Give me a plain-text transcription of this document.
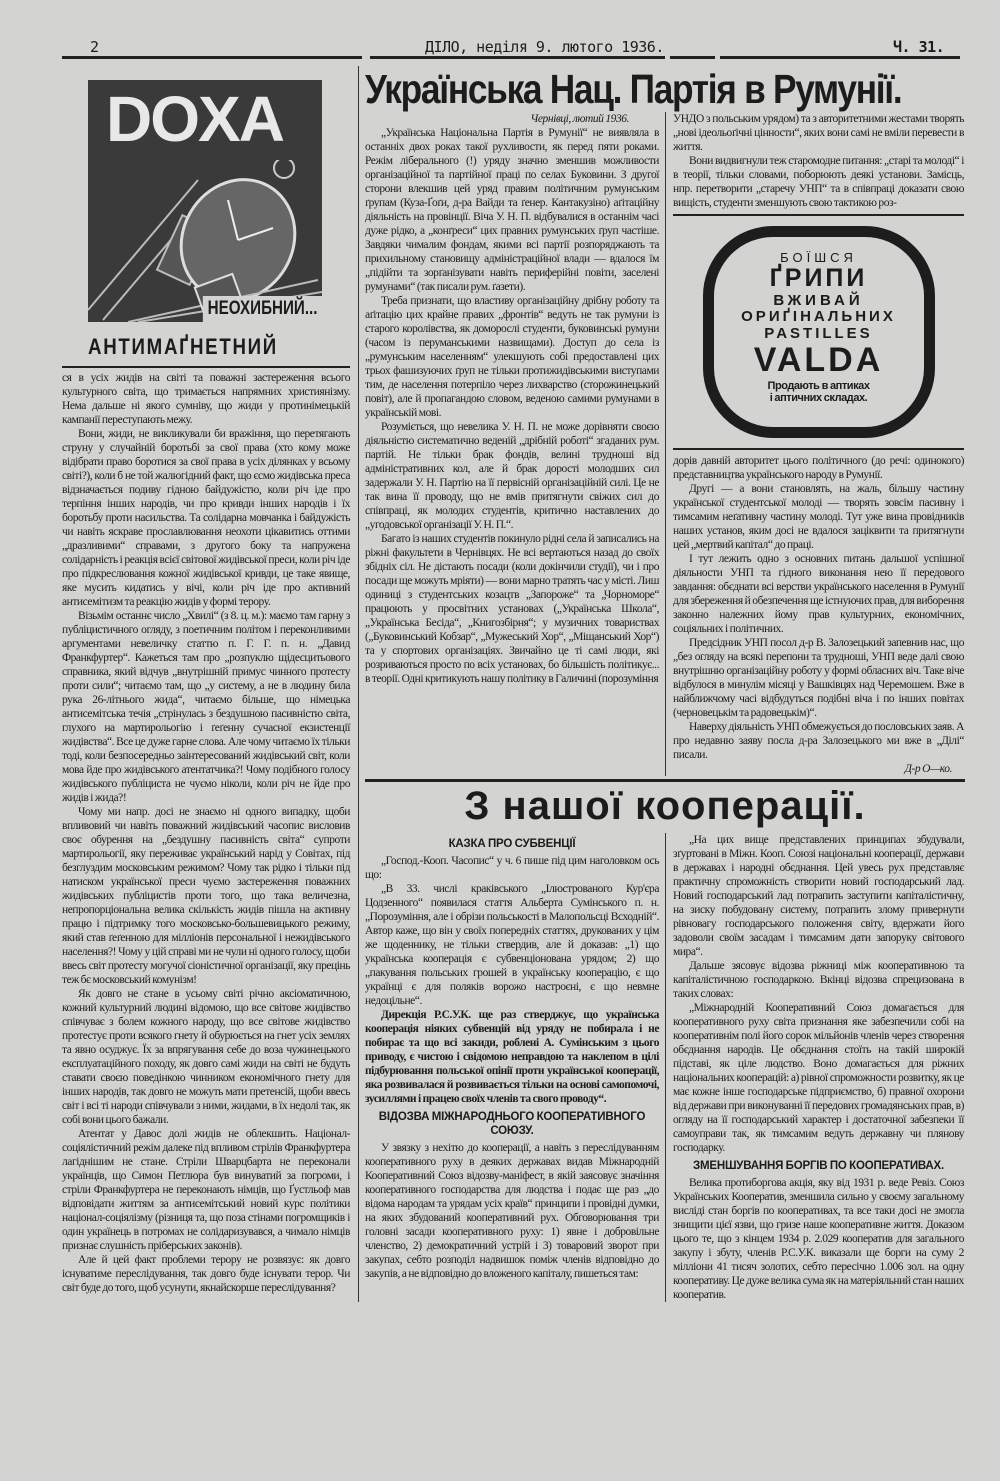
2	ДІЛО, неділя 9. лютого 1936.	Ч. 31.
DOXA
НЕОХИБНИЙ...
АНТИМАҐНЕТНИЙ

ся в усіх жидів на світі та поважні застереження всього культурного світа, що тримається напрямних християнізму. Нема дальше ні якого сумніву, що жиди у протинімецькій кампанії переступають межу.

Вони, жиди, не викликували би вражіння, що перетягають струну у случайній боротьбі за свої права (хто кому може відібрати право боротися за свої права в усіх ділянках у всьому світі?), коли б не той жалюгідний факт, що єсмо жидівська преса відзначається подиву гідною байдужістю, коли річ іде про терпіння інших народів, чи про кривди інших народів і їх боротьбу проти насильства. Та солідарна мовчанка і байдужість чи навіть яскраве прославлювання неохоти цікавитись оттими „дразливими“ справами, з другого боку та напружена солідарність і реакція всієї світової жидівської преси, коли річ іде про підкреслювання кожної жидівської кривди, це таке явище, яке мусить кидатись у вічі, коли річ іде про активний антисемітизм та реакцію жидів у формі терору.

Візьмім останнє число „Хвилі“ (з 8. ц. м.): маємо там гарну з публіцистичного огляду, з поетичним політом і переконливими аргументами невеличку статтю п. Г. Г. п. н. „Давид Франкфуртер“. Кажеться там про „розпуклю щідесцитьового справника, який відчув „внутрішній примус чинного протесту проти сили“; читаємо там, що „у систему, а не в людину била рука 26-літнього жида“, читаємо більше, що німецька антисемітська течія „стрінулась з бездушною пасивністю світа, глухого на мартирольогію і ґеґенну сучасної екзистенції жидівства“. Все це дуже гарне слова. Але чому читаємо їх тільки тоді, коли безпосередньо заінтересований жидівський світ, коли мова йде про жидівського атентатчика?! Чому подібного голосу жидівського публіциста не чуємо ніколи, коли річ не йде про жидів і жида?!

Чому ми напр. досі не знаємо ні одного випадку, щоби впливовий чи навіть поважний жидівський часопис висловив своє обурення на „бездушну пасивність світа“ супроти мартирольогії, яку переживає український нарід у Совітах, під безглуздим московським режимом? Чому так рідко і тільки під натиском української преси чуємо застереження поважних жидівських публіцистів проти того, що така величезна, непропорціональна велика скількість жидів пішла на активну працю і підтримку того московсько-большевицького режиму, який став ґеґенною для мілліонів персональної і нежидівського населення?! Чому у цій справі ми не чули ні одного голосу, щоби ввесь світ протесту могучої сіоністичної організації, яку прецінь теж бє московський комунізм!

Як довго не стане в усьому світі річно аксіоматичною, кожний культурний людині відомою, що все світове жидівство співчуває з болем кожного народу, що все світове жидівство протестує проти всякого гнету й обурюється на гнет усіх землях та явно осуджує. Їх за впрягування себе до воза чужинецького експлуатаційного походу, як довго самі жиди на світі не будуть ставати своєю поведінкою чинником економічного гнету для інших народів, так довго не можуть мати претенсій, щоби ввесь світ і всі ті народи співчували з ними, жидами, в їх недолі так, як собі вони цього бажали.

Атентат у Давос долі жидів не облекшить. Націонал-соціялістичний режім далеке під впливом стрілів Франкфуртера лагіднішим не стане. Стріли Шварцбарта не переконали українців, що Симон Петлюра був винуватий за погроми, і стріли Франкфуртера не переконають німців, що Ґустльоф мав відповідати життям за антисемітський новий курс політики націонал-соціялізму (різниця та, що поза стінами погромщиків і один українець в потромах не солідаризувався, а чимало німців признає слушність пріберських законів).

Але й цей факт проблеми терору не розвязує: як довго існуватиме переслідування, так довго буде існувати терор. Чи світ буде до того, щоб усунути, якнайскорше переслідування?

Українська Нац. Партія в Румунії.
Чернівці, лютий 1936.

„Українська Національна Партія в Румунії“ не виявляла в останніх двох роках такої рухливости, як перед пяти роками. Режім ліберального (!) уряду значно зменшив можливости організаційної та партійної праці по селах Буковини. З другої сторони влекшив цей уряд правим політичним румунським ґрупам (Куза-Ґоґи, д-ра Вайди та ґенер. Кантакузіно) аґітаційну діяльність на провінції. Віча У. Н. П. відбувалися в останнім часі дуже рідко, а „конґреси“ цих правних румунських ґруп частіше. Завдяки чималим фондам, якими всі партії розпоряджають та прихильному становищу адміністраційної влади — вдалося їм „підійти та зорґанізувати навіть периферійні повіти, заселені румунами“ (так писали рум. ґазети).

Треба признати, що властиву організаційну дрібну роботу та аґітацію цих крайне правих „фронтів“ ведуть не так румуни із старого королівства, як доморослі студенти, буковинські румуни (часом із перуманськими назвищами). Доступ до села із „румунським населенням“ улекшують собі предоставлені цих трьох фашизуючих ґруп не тільки протижидівськими виступами тим, де населення потерпіло через лихварство (сторожинецький повіт), але й пропагандою словом, веденою самими румунами в українській мові.

Розуміється, що невелика У. Н. П. не може дорівняти своєю діяльністю систематично веденій „дрібній роботі“ згаданих рум. партій. Не тільки брак фондів, велині трудноші від адміністративних кол, але й брак дорості молодших сил задержали У. Н. Партію на її первісній організаційній силі. Це не так вина її проводу, що не вмів притягнути свіжих сил до співпраці, як молодих студентів, критично наставлених до „угодовської організації У. Н. П.“.

Багато із наших студентів покинуло рідні села й записались на ріжні факультети в Чернівцях. Не всі вертаються назад до своїх збідніх сіл. Не дістають посади (коли докінчили студії), чи і про посади ще можуть мріяти) — вони марно тратять час у місті. Лиш одиниці з студентських козацтв „Запороже“ та „Чорноморе“ працюють у просвітних установах („Українська Школа“, „Українська Бесіда“, „Книгозбірня“; у музичних товариствах („Буковинський Кобзар“, „Мужеський Хор“, „Міщанський Хор“) та у спортових організаціях. Звичайно це ті самі люди, які розриваються просто по всіх установах, бо більшість політикує... в теорії. Одні критикують нашу політику в Галичині (порозуміння

УНДО з польським урядом) та з авторитетними жестами творять „нові ідеольоґічні цінности“, яких вони самі не вміли перевести в життя.

Вони видвигнули теж старомодне питання: „старі та молоді“ і в теорії, тільки словами, поборюють деякі установи. Замісць, нпр. перетворити „старечу УНП“ та в співпраці доказати свою вищість, студенти зменшують свою тактикою роз-

БОЇШСЯ
ҐРИПИ
ВЖИВАЙ
ОРИҐІНАЛЬНИХ
PASTILLES
VALDA
Продають в аптиках
і аптичних складах.

дорів давній авторитет цього політичного (до речі: одинокого) представництва українського народу в Румунії.

Другі — а вони становлять, на жаль, більшу частину української студентської молоді — творять зовсім пасивну і тимсамим неґативну частину молоді. Тут уже вина провідників наших установ, яким досі не вдалося заціквити та притягнути цей „мертвий капітал“ до праці.

І тут лежить одно з основних питань дальшої успішної діяльности УНП та гідного виконання нею її передового завдання: обєднати всі верстви українського населення в Румунії для збереження й обезпечення ще істнуючих прав, для виборення законно належних йому прав культурних, економічних, соціяльних і політичних.

Предсідник УНП посол д-р В. Залозецький запевнив нас, що „без огляду на всякі перепони та трудноші, УНП веде далі свою внутрішню організаційну роботу у формі обласних віч. Таке віче відбулося в минулім місяці у Вашківцях над Черемошем. Вже в найближчому часі відбудуться подібні віча і по інших повітах (черновецькім та радовецькім)“.

Наверху діяльність УНП обмежується до пословських заяв. А про недавню заяву посла д-ра Залозецького ми вже в „Ділі“ писали.

Д-р О—ко.
З нашої кооперації.
КАЗКА ПРО СУБВЕНЦІЇ

„Господ.-Кооп. Часопис“ у ч. 6 пише під цим наголовком ось що:

„В 33. числі краківського „Ілюстрованого Кур'єра Цодзенного“ появилася стаття Альберта Сумінського п. н. „Порозуміння, але і обрізи польськості в Малопольсці Всходній“. Автор каже, що він у своїх попередніх статтях, друкованих у цім же щоденнику, не тільки ствердив, але й доказав: „1) що українська кооперація є субвенціонована урядом; 2) що „пакування польських грошей в українську кооперацію, є що українці є для поляків ворожо настроєні, є що невмне недоцільне“.

Дирекція Р.С.У.К. ще раз стверджує, що українська кооперація ніяких субвенцій від уряду не побирала і не побирає та що всі закиди, роблені А. Сумінським з цього приводу, є чистою і свідомою неправдою та наклепом в цілі підбурювання польської опінії проти української кооперації, яка розвивалася й розвивається тільки на основі самопомочі, зусиллями і працею своїх членів та свого проводу“.

ВІДОЗВА МІЖНАРОДНЬОГО КООПЕРАТИВНОГО СОЮЗУ.

У звязку з нехітю до кооперації, а навіть з переслідуванням кооперативного руху в деяких державах видав Міжнародній Кооперативний Союз відозву-маніфест, в якій заясовує значіння кооперативного господарства для людства і подає ще раз „до відома народам та урядам усіх країв“ принципи і провідні думки, на яких збудований кооперативний рух. Обговорювання три головні засади кооперативного руху: 1) явне і добровільне членство, 2) демократичний устрій і 3) товаровий зворот при закупах, себто розподіл надвишок поміж членів відповідно до закупів, а не відповідно до вложеного капіталу, пишеться там:

„На цих вище представлених принципах збудували, зґуртовані в Міжн. Кооп. Союзі національні кооперації, держави в державах і народні обєднання. Цей увесь рух представляє практичну спроможність створити новий господарський лад. Новий господарський лад потрапить заступити капіталістичну, на зиску побудовану систему, потрапить злому привернути рівновагу господарського положення світу, вдержати його задоволи своїм засадам і тимсамим дати запоруку світового мира“.

Дальше зясовує відозва ріжниці між кооперативною та капіталістичною господаркою. Вкінці відозва спрецизована в таких словах:

„Міжнародній Кооперативний Союз домагається для кооперативного руху світа признання яке забезпечили собі на кооперативнім полі його сорок мільйонів членів через створення обєднання народів. Це обєднання стоїть на такій широкій підставі, як ціле людство. Воно домагається для ріжних національних кооперацій: а) рівної спроможности розвитку, як це має кожне інше господарське підприємство, б) правної охорони від держави при виконуванні її передових громадянських прав, в) огляду на її господарський характер і достаточної забезпеки її самоуправи так, як тимсамим ведуть державну чи плянову господарку.

ЗМЕНШУВАННЯ БОРГІВ ПО КООПЕРАТИВАХ.

Велика протиборгова акція, яку від 1931 р. веде Ревіз. Союз Українських Кооператив, зменшила сильно у своєму загальному висліді стан боргів по кооперативах, та все таки досі не змогла знищити цієї язви, що гризе наше кооперативне життя. Доказом цього те, що з кінцем 1934 р. 2.029 кооператив для загального закупу і збуту, членів Р.С.У.К. виказали ще борги на суму 2 мілліони 41 тисяч золотих, себто пересічно 1.006 зол. на одну кооперативу. Це дуже велика сума як на матеріяльний стан наших кооператив.
